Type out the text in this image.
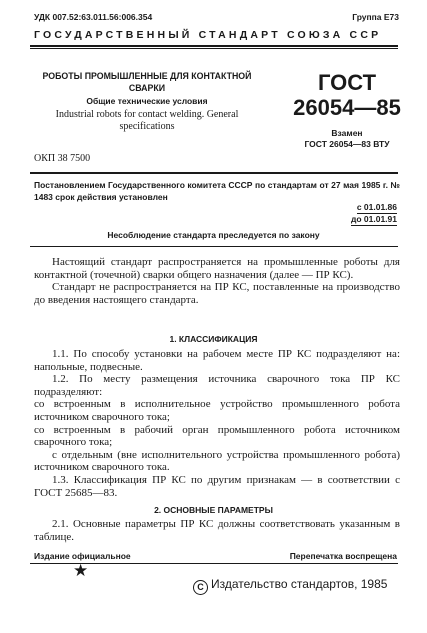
УДК 007.52:63.011.56:006.354	Группа Е73
ГОСУДАРСТВЕННЫЙ СТАНДАРТ СОЮЗА ССР
РОБОТЫ ПРОМЫШЛЕННЫЕ ДЛЯ КОНТАКТНОЙ СВАРКИ
Общие технические условия
Industrial robots for contact welding. General specifications
ГОСТ
26054—85
Взамен
ГОСТ 26054—83 ВТУ
ОКП 38 7500
Постановлением Государственного комитета СССР по стандартам от 27 мая 1985 г. № 1483 срок действия установлен
с 01.01.86
до 01.01.91
Несоблюдение стандарта преследуется по закону

Настоящий стандарт распространяется на промышленные роботы для контактной (точечной) сварки общего назначения (далее — ПР КС).

Стандарт не распространяется на ПР КС, поставленные на производство до введения настоящего стандарта.

1. КЛАССИФИКАЦИЯ

1.1. По способу установки на рабочем месте ПР КС подразделяют на: напольные, подвесные.

1.2. По месту размещения источника сварочного тока ПР КС подразделяют:

со встроенным в исполнительное устройство промышленного робота источником сварочного тока;

со встроенным в рабочий орган промышленного робота источником сварочного тока;

с отдельным (вне исполнительного устройства промышленного робота) источником сварочного тока.

1.3. Классификация ПР КС по другим признакам — в соответствии с ГОСТ 25685—83.

2. ОСНОВНЫЕ ПАРАМЕТРЫ

2.1. Основные параметры ПР КС должны соответствовать указанным в таблице.

Издание официальное	Перепечатка воспрещена
★
C Издательство стандартов, 1985
